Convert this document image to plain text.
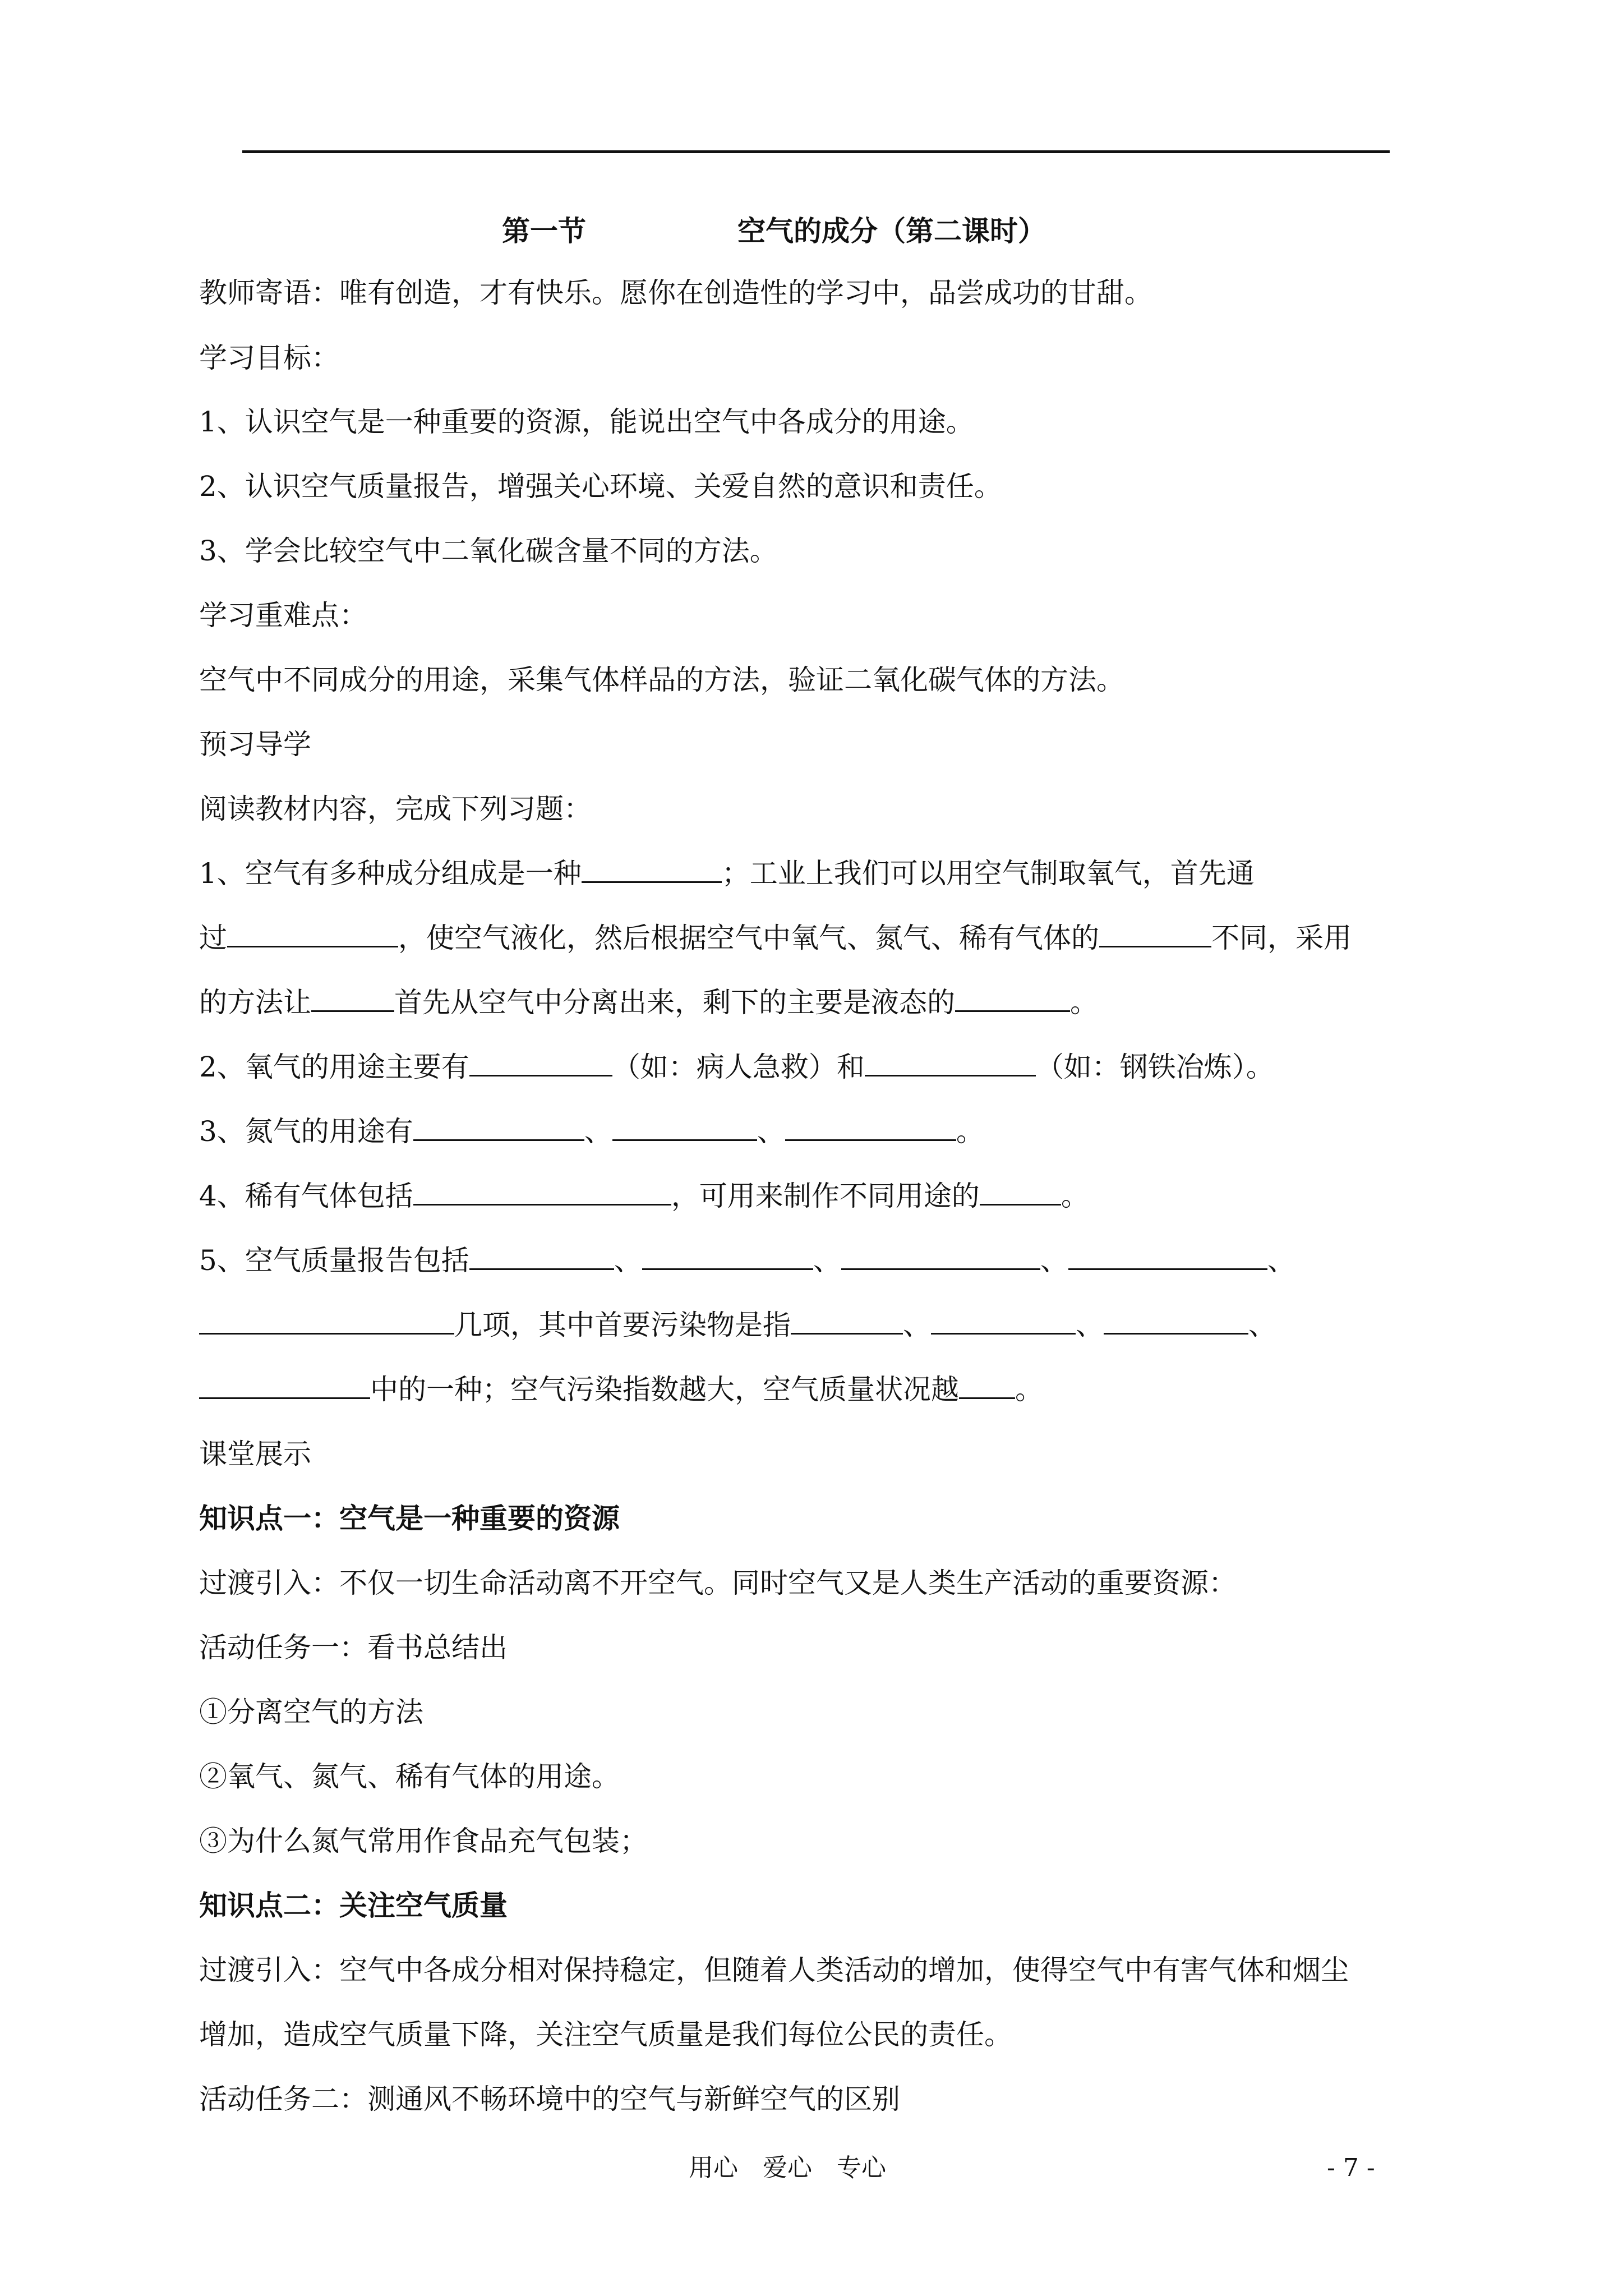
第一节	空气的成分（第二课时）
教师寄语：唯有创造，才有快乐。愿你在创造性的学习中，品尝成功的甘甜。
学习目标：
1、认识空气是一种重要的资源，能说出空气中各成分的用途。
2、认识空气质量报告，增强关心环境、关爱自然的意识和责任。
3、学会比较空气中二氧化碳含量不同的方法。
学习重难点：
空气中不同成分的用途，采集气体样品的方法，验证二氧化碳气体的方法。
预习导学
阅读教材内容，完成下列习题：
1、空气有多种成分组成是一种	；工业上我们可以用空气制取氧气，首先通
过	，使空气液化，然后根据空气中氧气、氮气、稀有气体的	不同，采用
的方法让	首先从空气中分离出来，剩下的主要是液态的	。
2、氧气的用途主要有	（如：病人急救）和	（如：钢铁冶炼）。
3、氮气的用途有	、	、	。
4、稀有气体包括	，可用来制作不同用途的	。
5、空气质量报告包括	、	、	、	、
几项，其中首要污染物是指	、	、	、
中的一种；空气污染指数越大，空气质量状况越 。
课堂展示
知识点一：空气是一种重要的资源
过渡引入：不仅一切生命活动离不开空气。同时空气又是人类生产活动的重要资源：
活动任务一：看书总结出
①分离空气的方法
②氧气、氮气、稀有气体的用途。
③为什么氮气常用作食品充气包装；
知识点二：关注空气质量
过渡引入：空气中各成分相对保持稳定，但随着人类活动的增加，使得空气中有害气体和烟尘
增加，造成空气质量下降，关注空气质量是我们每位公民的责任。
活动任务二：测通风不畅环境中的空气与新鲜空气的区别
用心　爱心　专心	- 7 -
